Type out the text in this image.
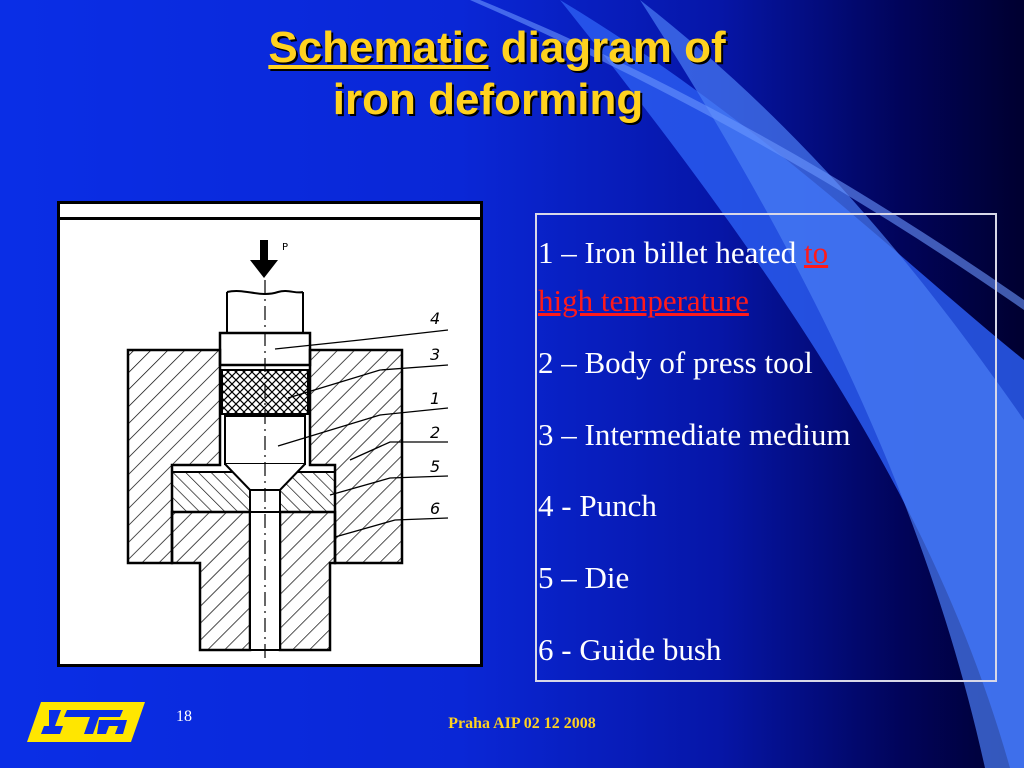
Schematic diagram of
iron deforming
P
4
3
1
2
5
6

1 – Iron billet heated to
high temperature

2 – Body of press tool

3 – Intermediate medium

4 - Punch

5 – Die

6 - Guide bush

18	Praha AIP 02 12 2008
